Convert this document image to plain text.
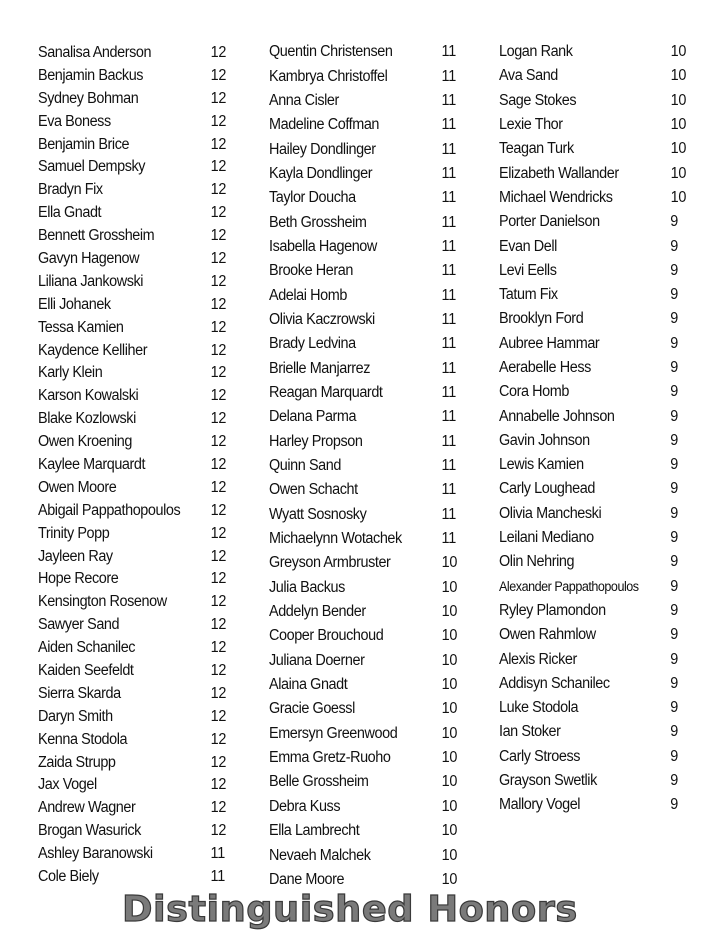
Sanalisa Anderson	12
Benjamin Backus	12
Sydney Bohman	12
Eva Boness	12
Benjamin Brice	12
Samuel Dempsky	12
Bradyn Fix	12
Ella Gnadt	12
Bennett Grossheim	12
Gavyn Hagenow	12
Liliana Jankowski	12
Elli Johanek	12
Tessa Kamien	12
Kaydence Kelliher	12
Karly Klein	12
Karson Kowalski	12
Blake Kozlowski	12
Owen Kroening	12
Kaylee Marquardt	12
Owen Moore	12
Abigail Pappathopoulos 12
Trinity Popp	12
Jayleen Ray	12
Hope Recore	12
Kensington Rosenow	12
Sawyer Sand	12
Aiden Schanilec	12
Kaiden Seefeldt	12
Sierra Skarda	12
Daryn Smith	12
Kenna Stodola	12
Zaida Strupp	12
Jax Vogel	12
Andrew Wagner	12
Brogan Wasurick	12
Ashley Baranowski	11
Cole Biely	11
Quentin Christensen	11
Kambrya Christoffel	11
Anna Cisler	11
Madeline Coffman	11
Hailey Dondlinger	11
Kayla Dondlinger	11
Taylor Doucha	11
Beth Grossheim	11
Isabella Hagenow	11
Brooke Heran	11
Adelai Homb	11
Olivia Kaczrowski	11
Brady Ledvina	11
Brielle Manjarrez	11
Reagan Marquardt	11
Delana Parma	11
Harley Propson	11
Quinn Sand	11
Owen Schacht	11
Wyatt Sosnosky	11
Michaelynn Wotachek	11
Greyson Armbruster	10
Julia Backus	10
Addelyn Bender	10
Cooper Brouchoud	10
Juliana Doerner	10
Alaina Gnadt	10
Gracie Goessl	10
Emersyn Greenwood	10
Emma Gretz-Ruoho	10
Belle Grossheim	10
Debra Kuss	10
Ella Lambrecht	10
Nevaeh Malchek	10
Dane Moore	10
Logan Rank	10
Ava Sand	10
Sage Stokes	10
Lexie Thor	10
Teagan Turk	10
Elizabeth Wallander	10
Michael Wendricks	10
Porter Danielson	9
Evan Dell	9
Levi Eells	9
Tatum Fix	9
Brooklyn Ford	9
Aubree Hammar	9
Aerabelle Hess	9
Cora Homb	9
Annabelle Johnson	9
Gavin Johnson	9
Lewis Kamien	9
Carly Loughead	9
Olivia Mancheski	9
Leilani Mediano	9
Olin Nehring	9
Alexander Pappathopoulos 9
Ryley Plamondon	9
Owen Rahmlow	9
Alexis Ricker	9
Addisyn Schanilec	9
Luke Stodola	9
Ian Stoker	9
Carly Stroess	9
Grayson Swetlik	9
Mallory Vogel	9
Distinguished Honors
